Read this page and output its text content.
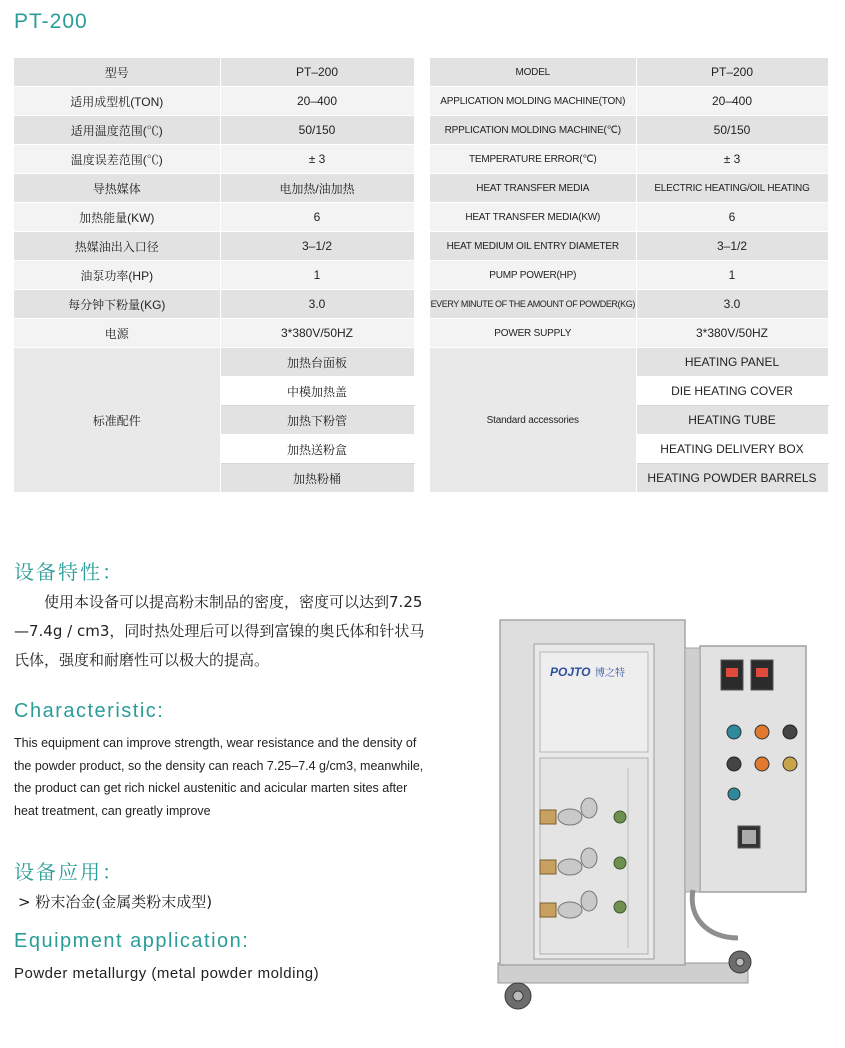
PT-200
型号	PT–200
适用成型机(TON)	20–400
适用温度范围(℃)	50/150
温度误差范围(℃)	± 3
导热媒体	电加热/油加热
加热能量(KW)	6
热媒油出入口径	3–1/2
油泵功率(HP)	1
每分钟下粉量(KG)	3.0
电源	3*380V/50HZ
标准配件	加热台面板
	中模加热盖
	加热下粉管
	加热送粉盒
	加热粉桶
MODEL	PT–200
APPLICATION MOLDING MACHINE(TON)	20–400
RPPLICATION MOLDING MACHINE(℃)	50/150
TEMPERATURE ERROR(℃)	± 3
HEAT TRANSFER MEDIA	ELECTRIC HEATING/OIL HEATING
HEAT TRANSFER MEDIA(KW)	6
HEAT MEDIUM OIL ENTRY DIAMETER	3–1/2
PUMP POWER(HP)	1
EVERY MINUTE OF THE AMOUNT OF POWDER(KG)	3.0
POWER SUPPLY	3*380V/50HZ
Standard accessories	HEATING PANEL
	DIE HEATING COVER
	HEATING TUBE
	HEATING DELIVERY BOX
	HEATING POWDER BARRELS
设备特性：
使用本设备可以提高粉末制品的密度，密度可以达到7.25—7.4g / cm3，同时热处理后可以得到富镍的奥氏体和针状马氏体，强度和耐磨性可以极大的提高。
Characteristic:
This equipment can improve strength, wear resistance and the density of the powder product, so the density can reach 7.25–7.4 g/cm3, meanwhile, the product can get rich nickel austenitic and acicular marten sites after heat treatment, can greatly improve
设备应用：
> 粉末冶金(金属类粉末成型)
Equipment application:
Powder metallurgy (metal powder molding)
POJTO 博之特
